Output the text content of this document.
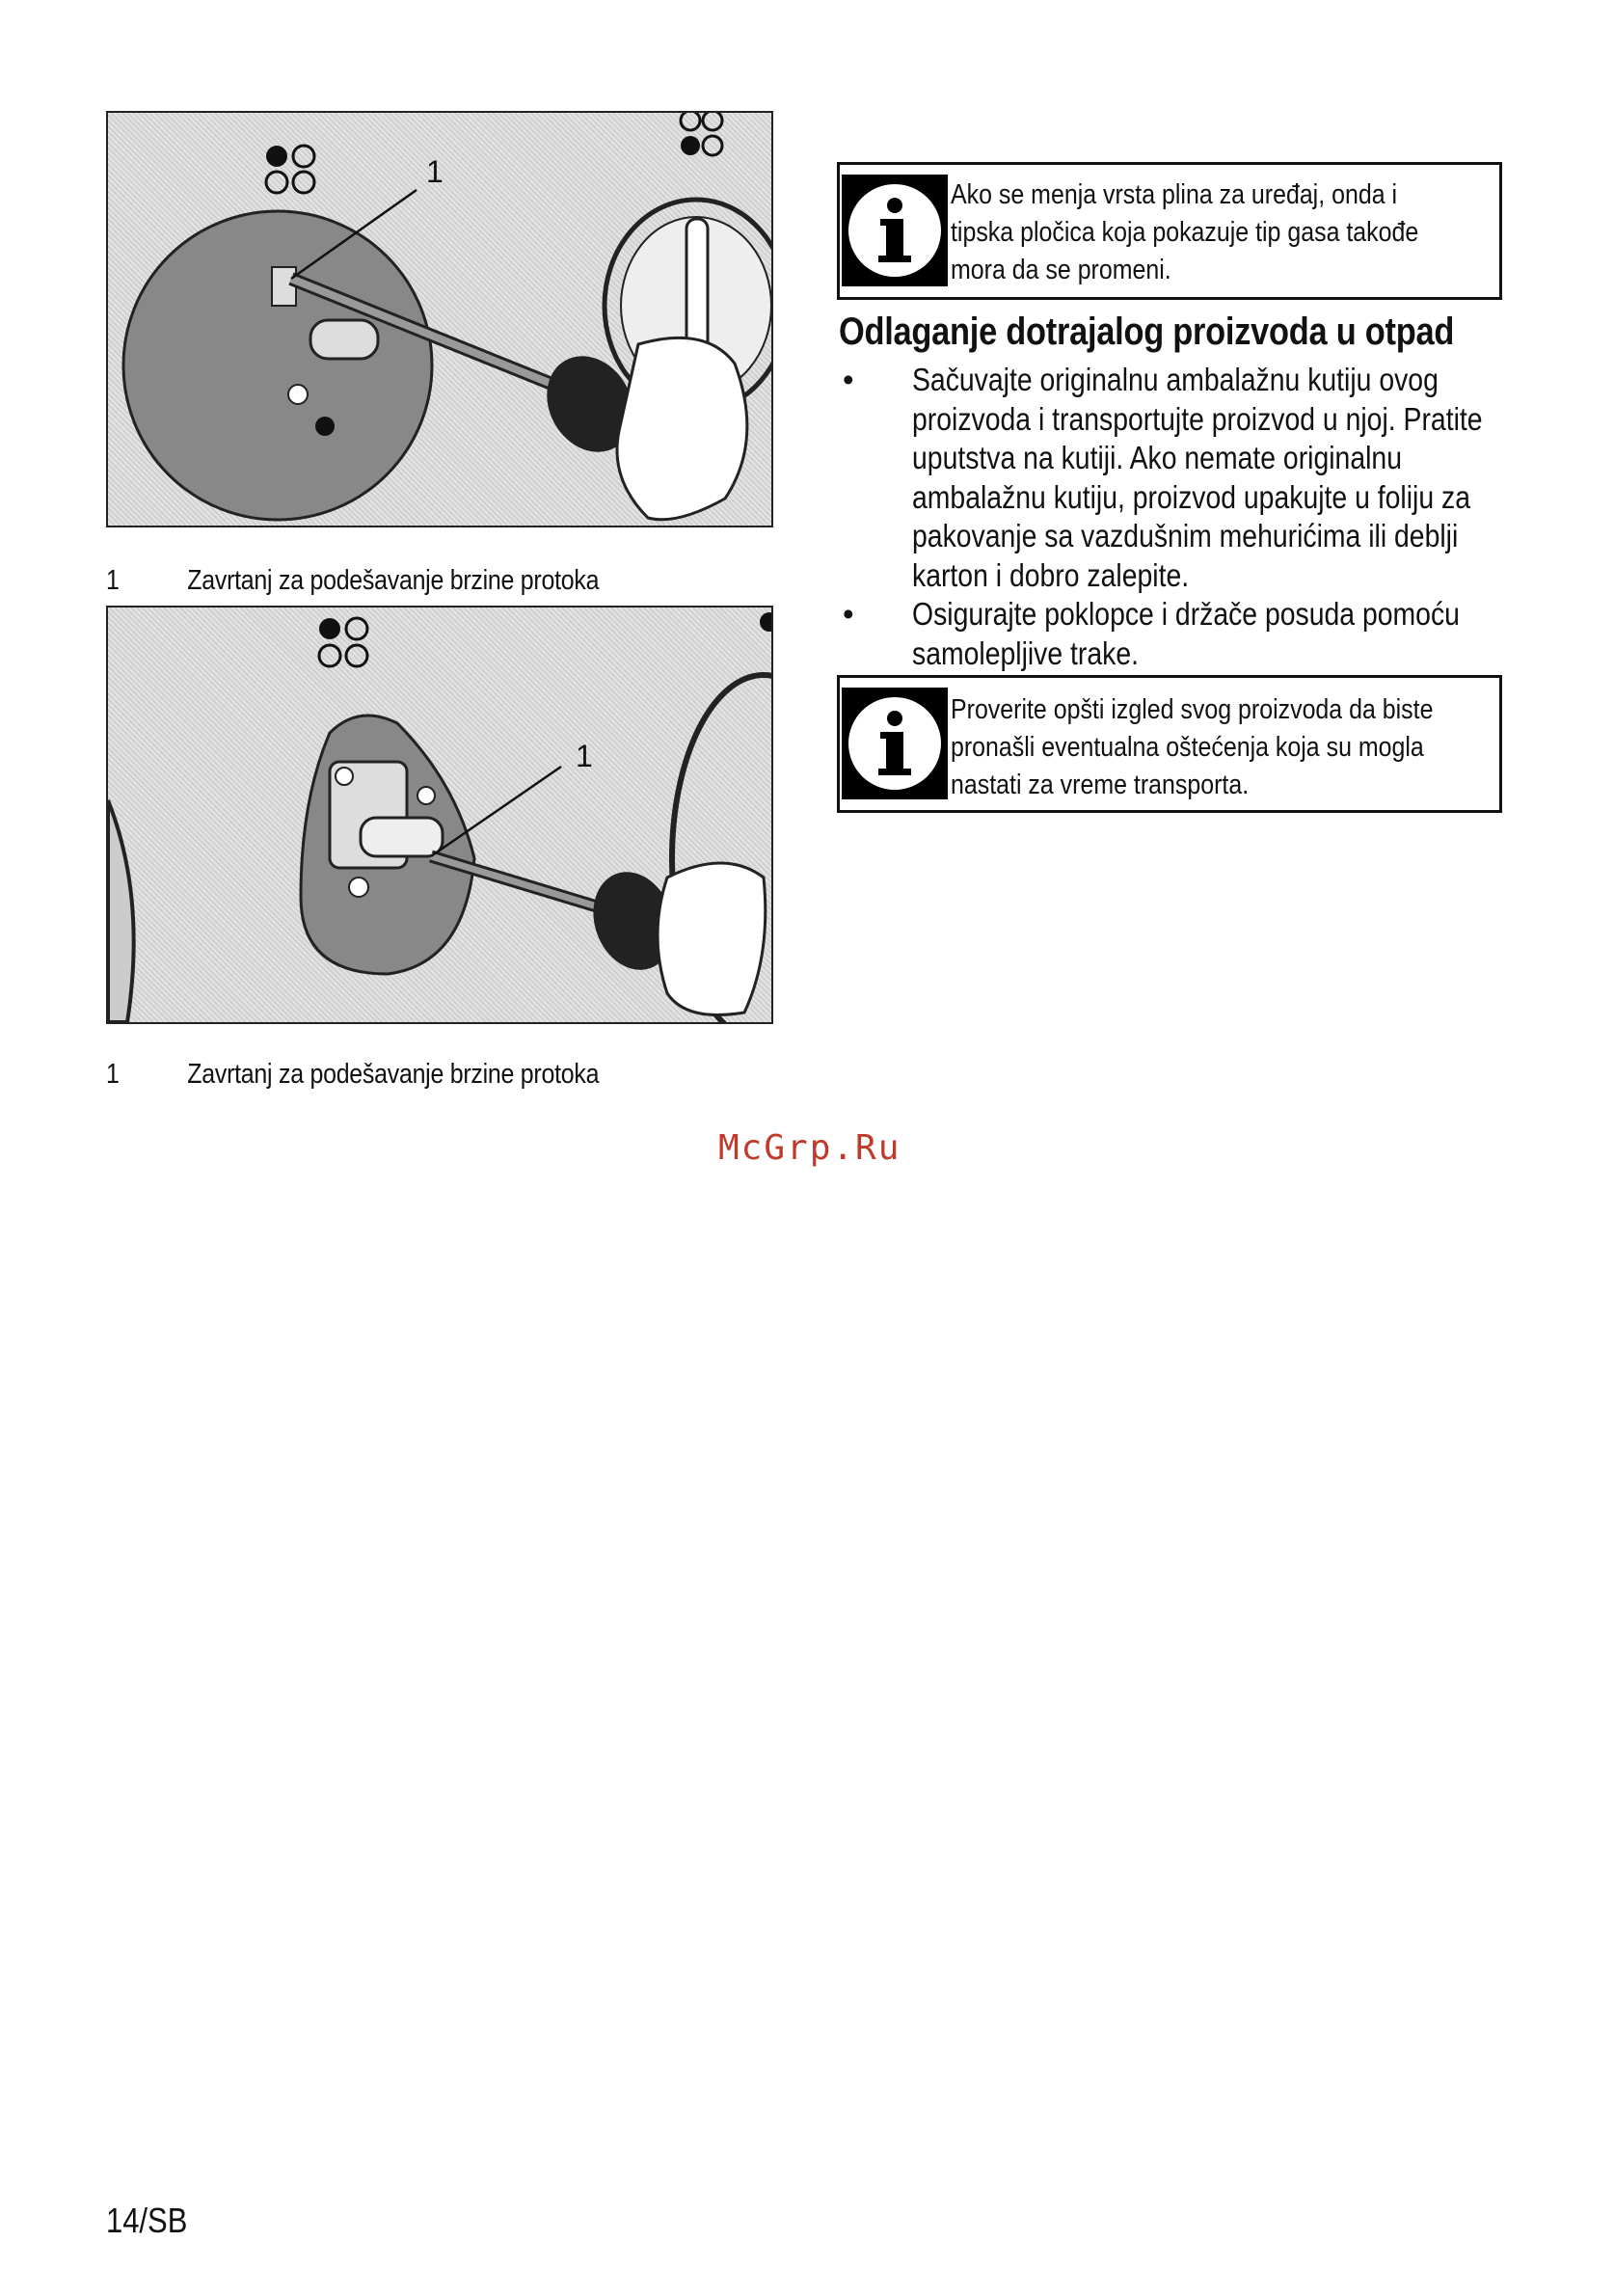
1
1 Zavrtanj za podešavanje brzine protoka
1
1 Zavrtanj za podešavanje brzine protoka
Ako se menja vrsta plina za uređaj, onda i
tipska pločica koja pokazuje tip gasa takođe
mora da se promeni.
Odlaganje dotrajalog proizvoda u otpad
• Sačuvajte originalnu ambalažnu kutiju ovog
proizvoda i transportujte proizvod u njoj. Pratite
uputstva na kutiji. Ako nemate originalnu
ambalažnu kutiju, proizvod upakujte u foliju za
pakovanje sa vazdušnim mehurićima ili deblji
karton i dobro zalepite.
• Osigurajte poklopce i držače posuda pomoću
samolepljive trake.
Proverite opšti izgled svog proizvoda da biste
pronašli eventualna oštećenja koja su mogla
nastati za vreme transporta.
McGrp.Ru
14/SB
